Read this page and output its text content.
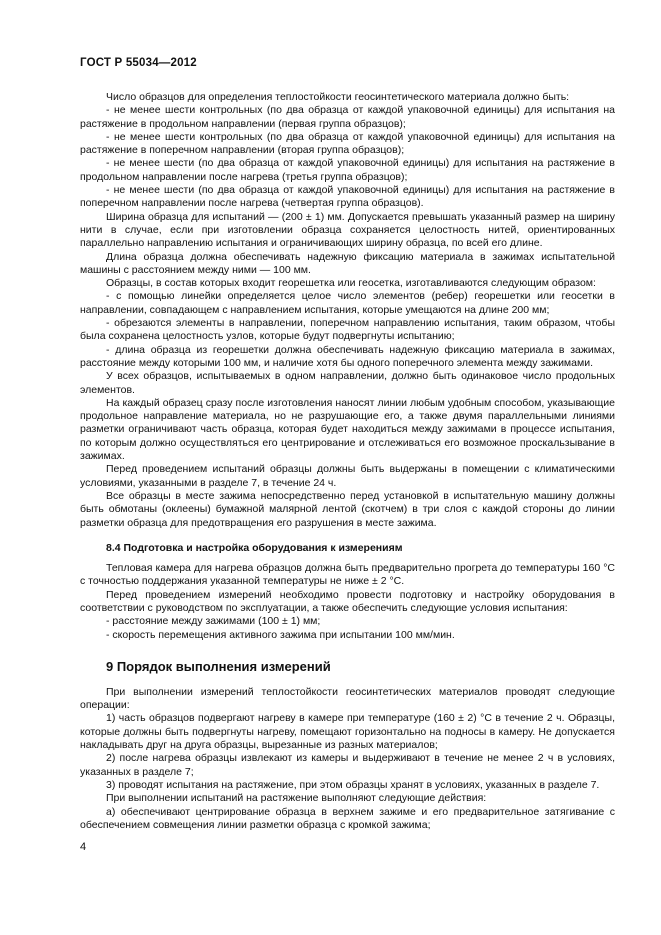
ГОСТ Р 55034—2012

Число образцов для определения теплостойкости геосинтетического материала должно быть:

- не менее шести контрольных (по два образца от каждой упаковочной единицы) для испытания на растяжение в продольном направлении (первая группа образцов);

- не менее шести контрольных (по два образца от каждой упаковочной единицы) для испытания на растяжение в поперечном направлении (вторая группа образцов);

- не менее шести (по два образца от каждой упаковочной единицы) для испытания на растяжение в продольном направлении после нагрева (третья группа образцов);

- не менее шести (по два образца от каждой упаковочной единицы) для испытания на растяжение в поперечном направлении после нагрева (четвертая группа образцов).

Ширина образца для испытаний — (200 ± 1) мм. Допускается превышать указанный размер на ширину нити в случае, если при изготовлении образца сохраняется целостность нитей, ориентированных параллельно направлению испытания и ограничивающих ширину образца, по всей его длине.

Длина образца должна обеспечивать надежную фиксацию материала в зажимах испытательной машины с расстоянием между ними — 100 мм.

Образцы, в состав которых входит георешетка или геосетка, изготавливаются следующим образом:

- с помощью линейки определяется целое число элементов (ребер) георешетки или геосетки в направлении, совпадающем с направлением испытания, которые умещаются на длине 200 мм;

- обрезаются элементы в направлении, поперечном направлению испытания, таким образом, чтобы была сохранена целостность узлов, которые будут подвергнуты испытанию;

- длина образца из георешетки должна обеспечивать надежную фиксацию материала в зажимах, расстояние между которыми 100 мм, и наличие хотя бы одного поперечного элемента между зажимами.

У всех образцов, испытываемых в одном направлении, должно быть одинаковое число продольных элементов.

На каждый образец сразу после изготовления наносят линии любым удобным способом, указывающие продольное направление материала, но не разрушающие его, а также двумя параллельными линиями разметки ограничивают часть образца, которая будет находиться между зажимами в процессе испытания, по которым должно осуществляться его центрирование и отслеживаться его возможное проскальзывание в зажимах.

Перед проведением испытаний образцы должны быть выдержаны в помещении с климатическими условиями, указанными в разделе 7, в течение 24 ч.

Все образцы в месте зажима непосредственно перед установкой в испытательную машину должны быть обмотаны (оклеены) бумажной малярной лентой (скотчем) в три слоя с каждой стороны до линии разметки образца для предотвращения его разрушения в месте зажима.

8.4 Подготовка и настройка оборудования к измерениям

Тепловая камера для нагрева образцов должна быть предварительно прогрета до температуры 160 °С с точностью поддержания указанной температуры не ниже ± 2 °С.

Перед проведением измерений необходимо провести подготовку и настройку оборудования в соответствии с руководством по эксплуатации, а также обеспечить следующие условия испытания:

- расстояние между зажимами (100 ± 1) мм;

- скорость перемещения активного зажима при испытании 100 мм/мин.

9 Порядок выполнения измерений

При выполнении измерений теплостойкости геосинтетических материалов проводят следующие операции:

1) часть образцов подвергают нагреву в камере при температуре (160 ± 2) °С в течение 2 ч. Образцы, которые должны быть подвергнуты нагреву, помещают горизонтально на подносы в камеру. Не допускается накладывать друг на друга образцы, вырезанные из разных материалов;

2) после нагрева образцы извлекают из камеры и выдерживают в течение не менее 2 ч в условиях, указанных в разделе 7;

3) проводят испытания на растяжение, при этом образцы хранят в условиях, указанных в разделе 7.

При выполнении испытаний на растяжение выполняют следующие действия:

а) обеспечивают центрирование образца в верхнем зажиме и его предварительное затягивание с обеспечением совмещения линии разметки образца с кромкой зажима;

4
